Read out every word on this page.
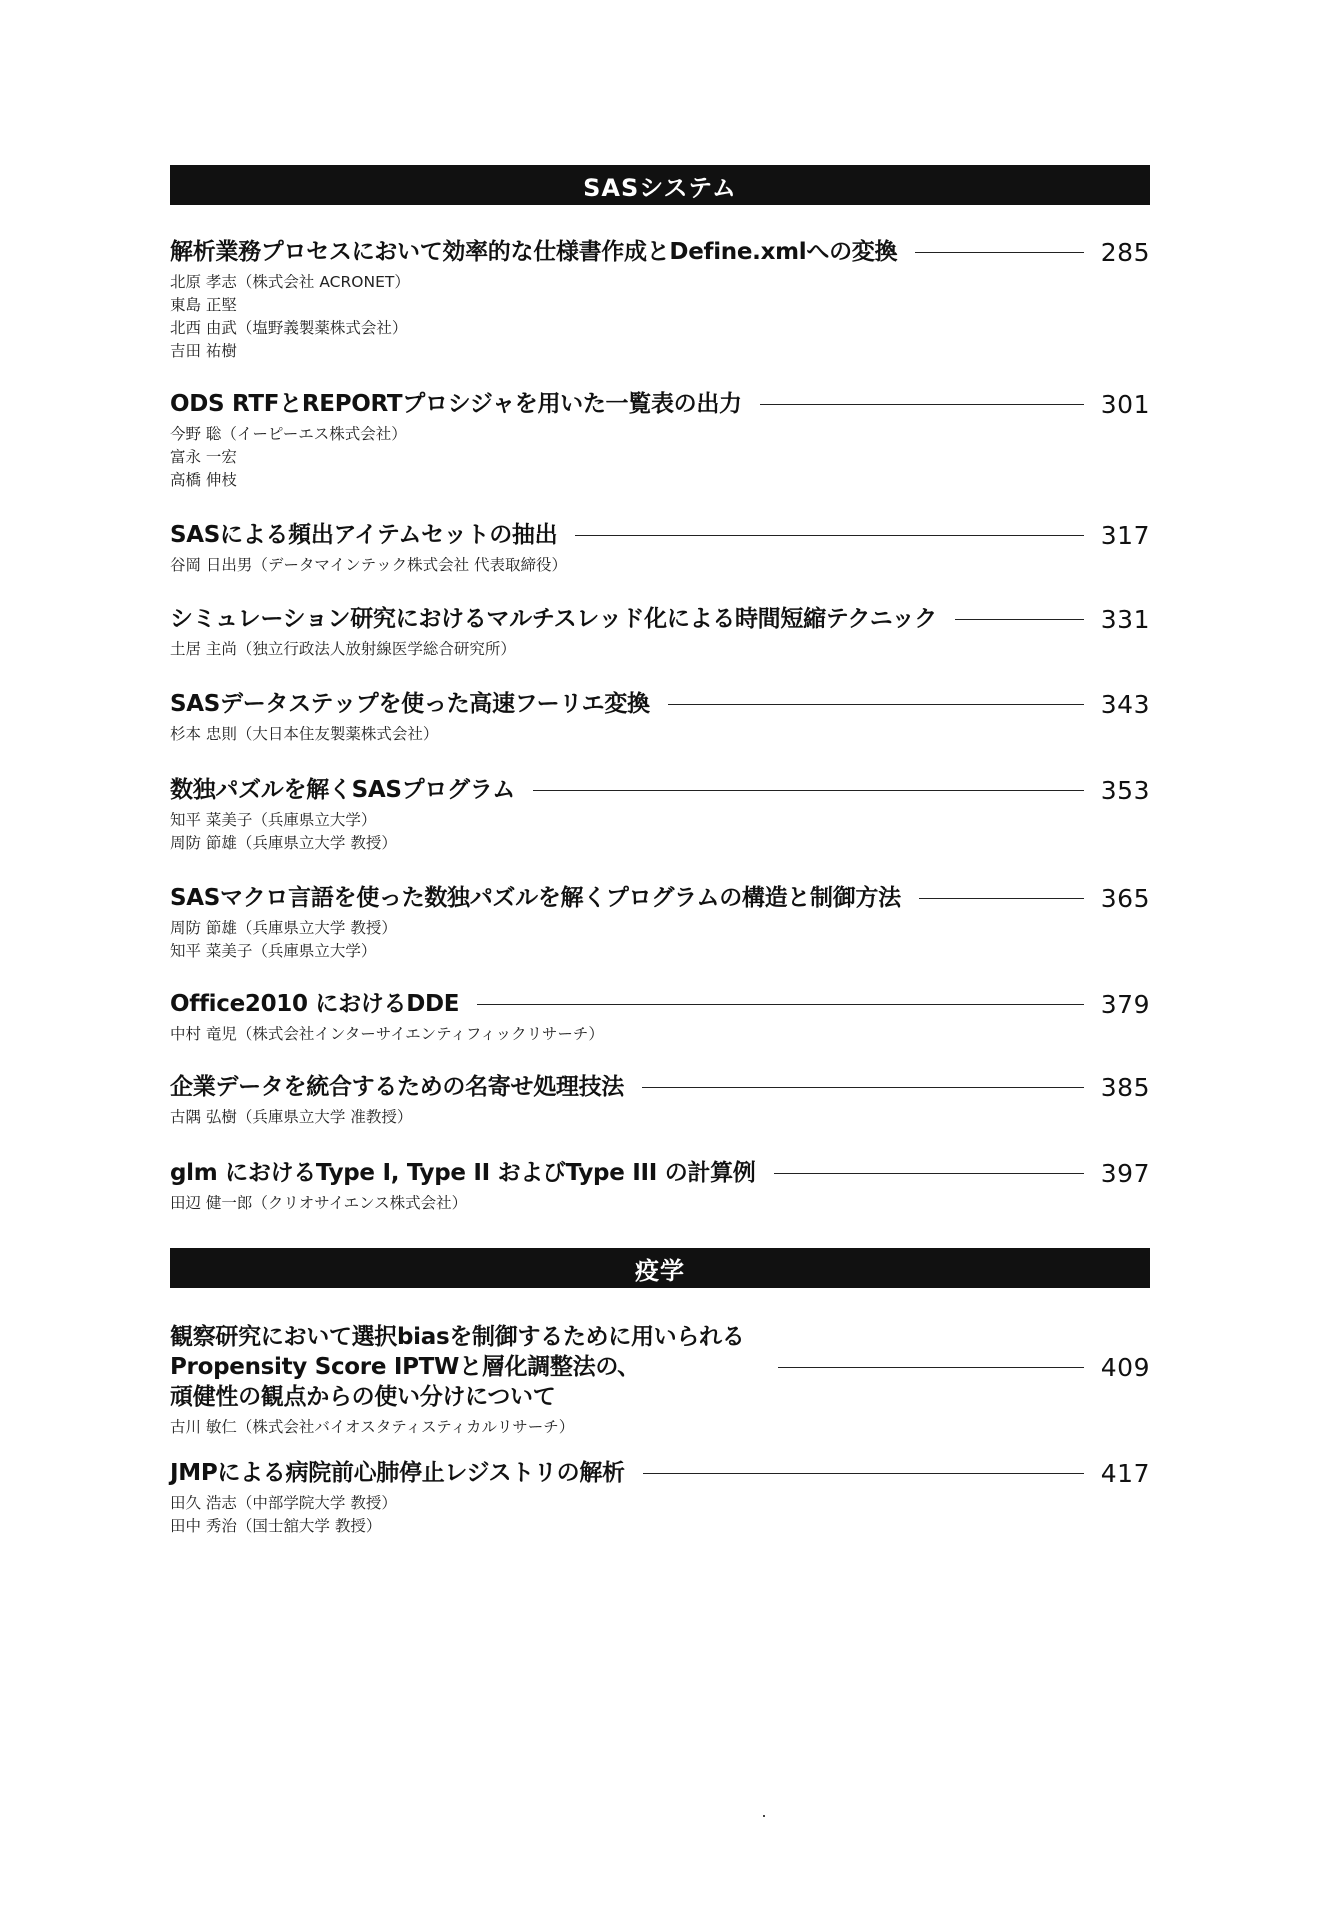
SASシステム
解析業務プロセスにおいて効率的な仕様書作成とDefine.xmlへの変換	285
北原 孝志（株式会社 ACRONET）
東島 正堅
北西 由武（塩野義製薬株式会社）
吉田 祐樹
ODS RTFとREPORTプロシジャを用いた一覧表の出力	301
今野 聡（イーピーエス株式会社）
富永 一宏
高橋 伸枝
SASによる頻出アイテムセットの抽出	317
谷岡 日出男（データマインテック株式会社 代表取締役）
シミュレーション研究におけるマルチスレッド化による時間短縮テクニック	331
土居 主尚（独立行政法人放射線医学総合研究所）
SASデータステップを使った高速フーリエ変換	343
杉本 忠則（大日本住友製薬株式会社）
数独パズルを解くSASプログラム	353
知平 菜美子（兵庫県立大学）
周防 節雄（兵庫県立大学 教授）
SASマクロ言語を使った数独パズルを解くプログラムの構造と制御方法	365
周防 節雄（兵庫県立大学 教授）
知平 菜美子（兵庫県立大学）
Office2010 におけるDDE	379
中村 竜児（株式会社インターサイエンティフィックリサーチ）
企業データを統合するための名寄せ処理技法	385
古隅 弘樹（兵庫県立大学 准教授）
glm におけるType I, Type II およびType III の計算例	397
田辺 健一郎（クリオサイエンス株式会社）
疫学
観察研究において選択biasを制御するために用いられる
Propensity Score IPTWと層化調整法の、
頑健性の観点からの使い分けについて
409
古川 敏仁（株式会社バイオスタティスティカルリサーチ）
JMPによる病院前心肺停止レジストリの解析	417
田久 浩志（中部学院大学 教授）
田中 秀治（国士舘大学 教授）
